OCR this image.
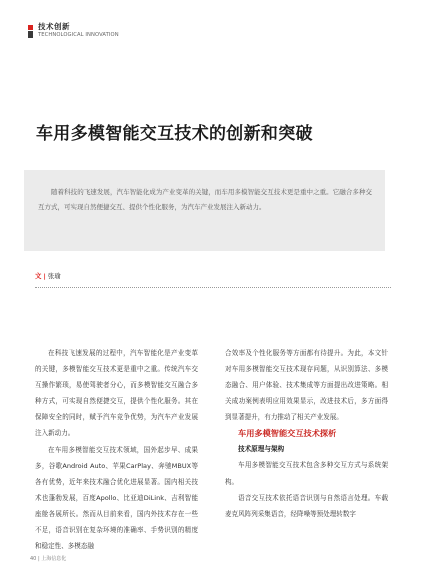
技术创新
TECHNOLOGICAL INNOVATION
车用多模智能交互技术的创新和突破
随着科技的飞速发展，汽车智能化成为产业变革的关键，而车用多模智能交互技术更是重中之重。它融合多种交互方式，可实现自然便捷交互、提供个性化服务，为汽车产业发展注入新动力。
文 | 张瑜

在科技飞速发展的过程中，汽车智能化是产业变革的关键，多模智能交互技术更是重中之重。传统汽车交互操作繁琐，易使驾驶者分心，而多模智能交互融合多种方式，可实现自然便捷交互，提供个性化服务。其在保障安全的同时，赋予汽车竞争优势，为汽车产业发展注入新动力。

在车用多模智能交互技术领域，国外起步早、成果多，谷歌Android Auto、苹果CarPlay、奔驰MBUX等各有优势，近年来技术融合优化进展显著。国内相关技术也蓬勃发展，百度Apollo、比亚迪DiLink、吉利智能座舱各展所长。然而从目前来看，国内外技术存在一些不足，语音识别在复杂环境的准确率、手势识别的精度和稳定性、多模态融

合效率及个性化服务等方面都有待提升。为此，本文针对车用多模智能交互技术现存问题，从识别算法、多模态融合、用户体验、技术集成等方面提出改进策略。相关成功案例表明应用效果显示，改进技术后，多方面得到显著提升，有力推动了相关产业发展。

车用多模智能交互技术探析

技术原理与架构

车用多模智能交互技术包含多种交互方式与系统架构。

语音交互技术依托语音识别与自然语言处理。车载麦克风阵列采集语音，经降噪等预处理转数字

40 | 上海信息化
